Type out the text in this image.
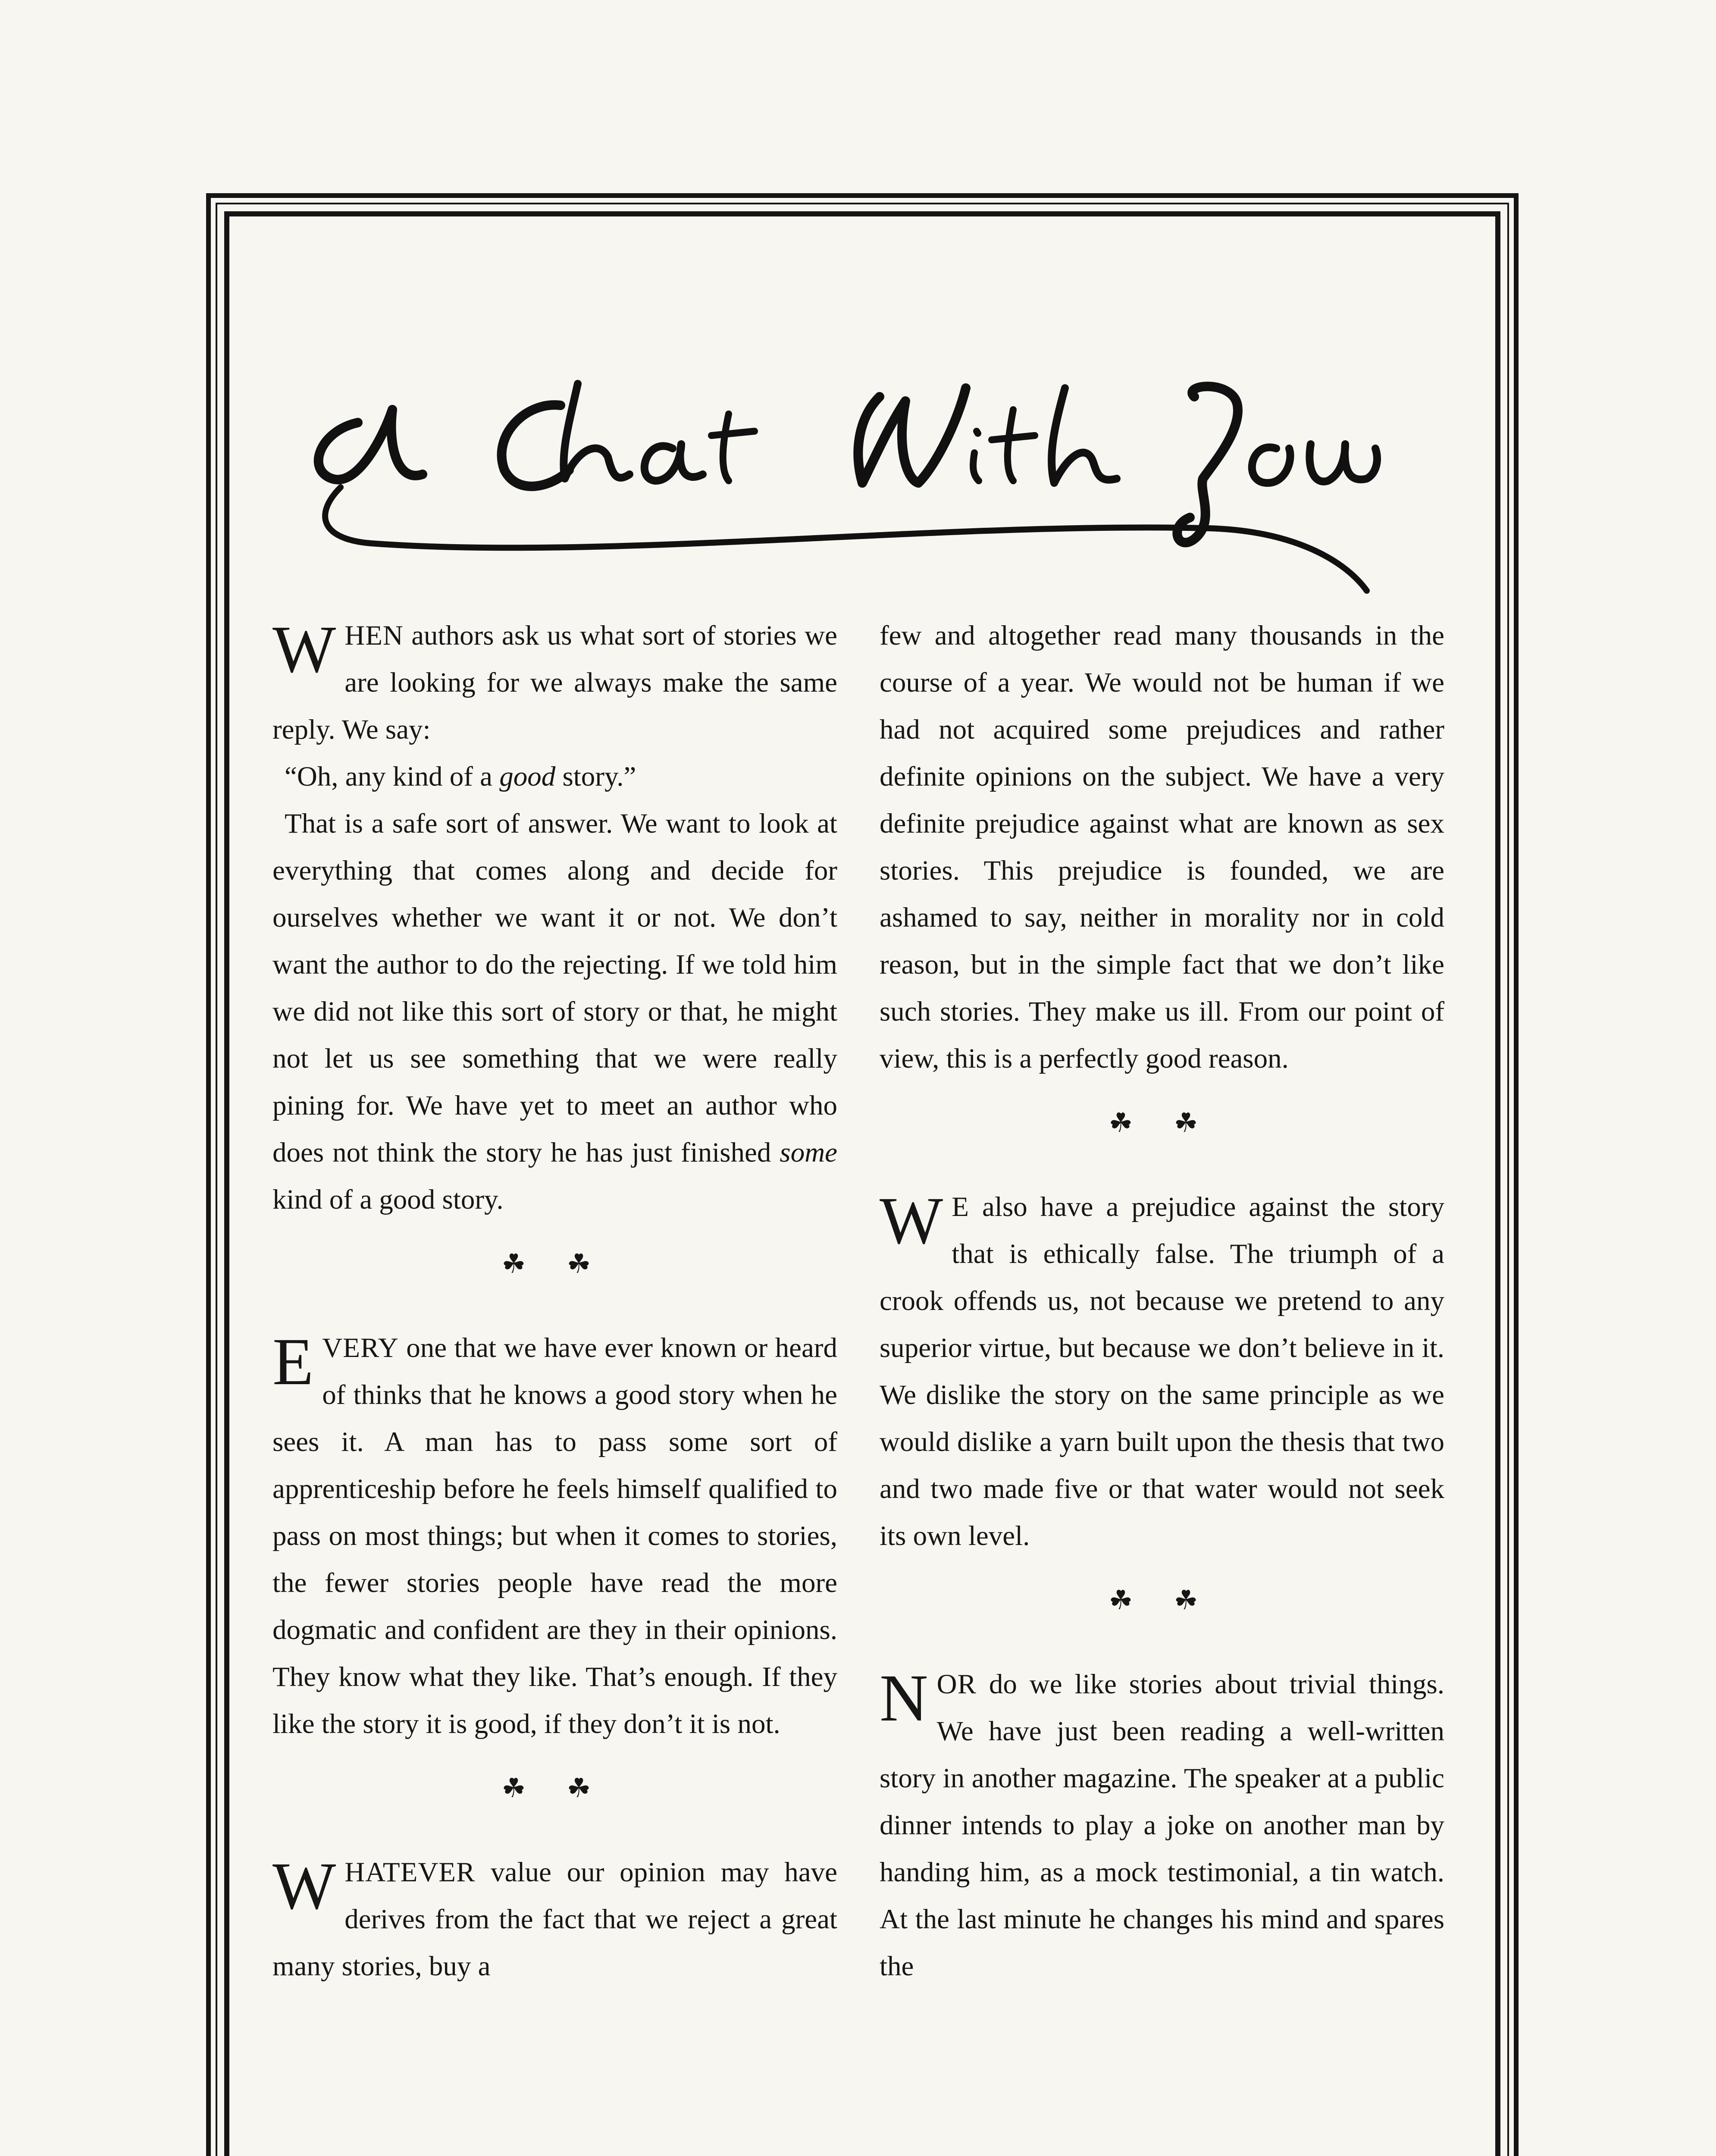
WHEN authors ask us what sort of stories we are looking for we always make the same reply. We say:

“Oh, any kind of a good story.”

That is a safe sort of answer. We want to look at everything that comes along and decide for ourselves whether we want it or not. We don’t want the author to do the rejecting. If we told him we did not like this sort of story or that, he might not let us see something that we were really pining for. We have yet to meet an author who does not think the story he has just finished some kind of a good story.

☘ ☘

EVERY one that we have ever known or heard of thinks that he knows a good story when he sees it. A man has to pass some sort of apprenticeship before he feels himself qualified to pass on most things; but when it comes to stories, the fewer stories people have read the more dogmatic and confident are they in their opinions. They know what they like. That’s enough. If they like the story it is good, if they don’t it is not.

☘ ☘

WHATEVER value our opinion may have derives from the fact that we reject a great many stories, buy a

few and altogether read many thousands in the course of a year. We would not be human if we had not acquired some prejudices and rather definite opinions on the subject. We have a very definite prejudice against what are known as sex stories. This prejudice is founded, we are ashamed to say, neither in morality nor in cold reason, but in the simple fact that we don’t like such stories. They make us ill. From our point of view, this is a perfectly good reason.

☘ ☘

W E also have a prejudice against the story that is ethically false. The triumph of a crook offends us, not because we pretend to any superior virtue, but because we don’t believe in it. We dislike the story on the same principle as we would dislike a yarn built upon the thesis that two and two made five or that water would not seek its own level.

☘ ☘

NOR do we like stories about trivial things. We have just been reading a well-written story in another magazine. The speaker at a public dinner intends to play a joke on another man by handing him, as a mock testimonial, a tin watch. At the last minute he changes his mind and spares the
